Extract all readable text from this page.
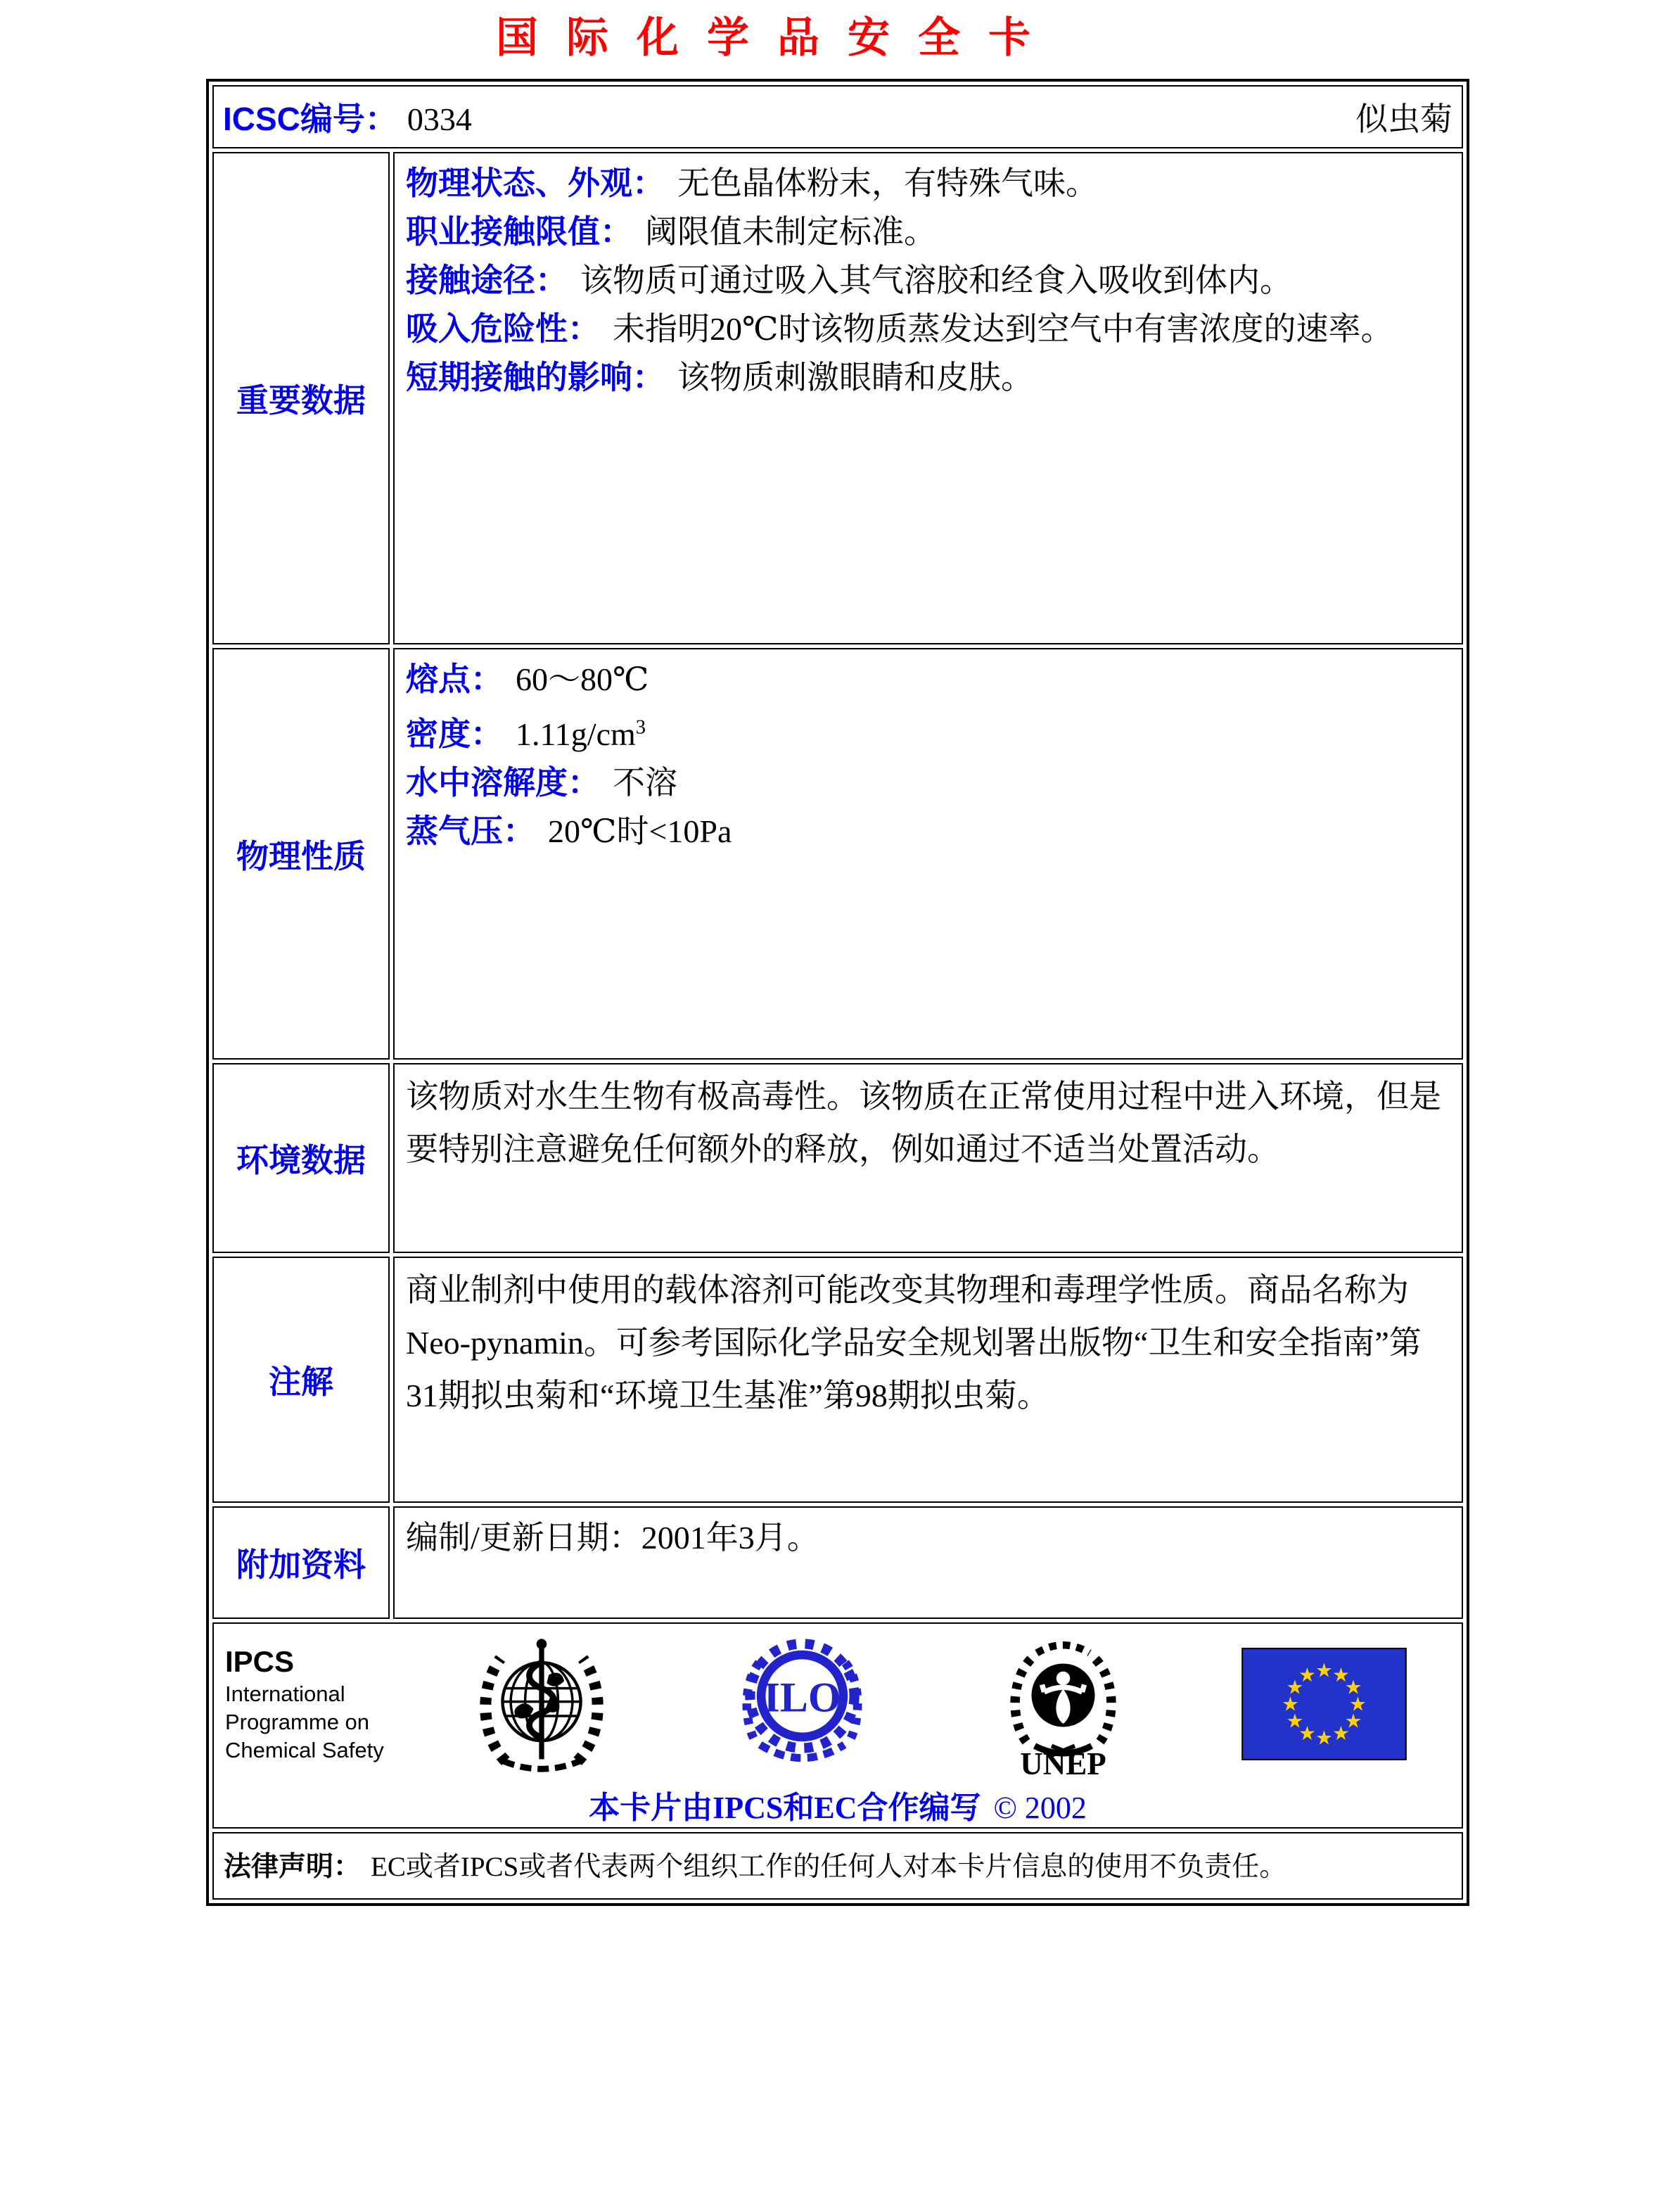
国际化学品安全卡
ICSC编号： 0334 似虫菊	

重要数据	物理状态、外观： 无色晶体粉末，有特殊气味。
职业接触限值： 阈限值未制定标准。
接触途径： 该物质可通过吸入其气溶胶和经食入吸收到体内。
吸入危险性： 未指明20℃时该物质蒸发达到空气中有害浓度的速率。
短期接触的影响： 该物质刺激眼睛和皮肤。

物理性质	熔点： 60～80℃
密度： $1.11g/cm^3$
水中溶解度： 不溶
蒸气压： 20℃时<10Pa

环境数据	该物质对水生生物有极高毒性。该物质在正常使用过程中进入环境，但是要特别注意避免任何额外的释放，例如通过不适当处置活动。

注解	商业制剂中使用的载体溶剂可能改变其物理和毒理学性质。商品名称为Neo-pynamin。可参考国际化学品安全规划署出版物“卫生和安全指南”第31期拟虫菊和“环境卫生基准”第98期拟虫菊。

附加资料	编制/更新日期：2001年3月。

IPCS
International
Programme on
Chemical Safety
ILO
UNEP
★ ★
★
★
★
★
★
★
★
★
★
★
本卡片由IPCS和EC合作编写 © 2002

法律声明： EC或者IPCS或者代表两个组织工作的任何人对本卡片信息的使用不负责任。	
